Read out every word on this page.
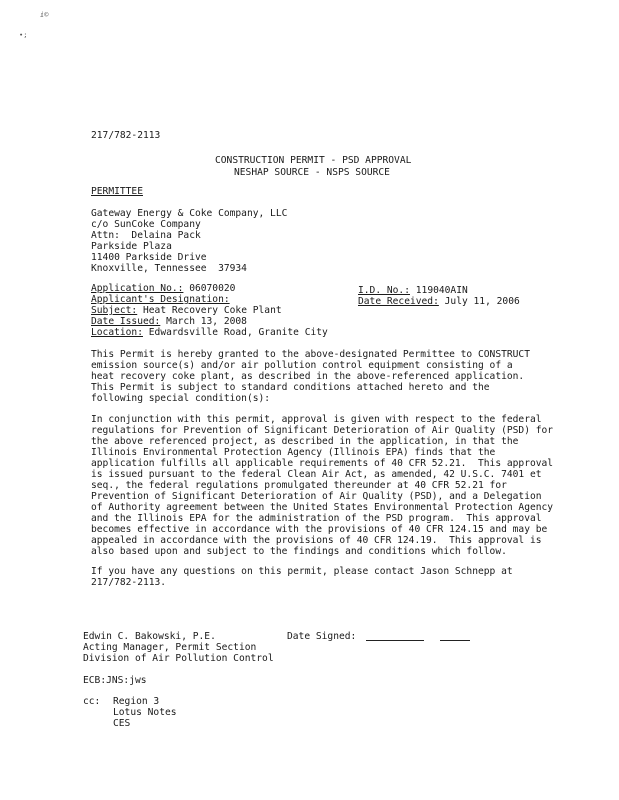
ⅈ©
∙;
217/782-2113
CONSTRUCTION PERMIT - PSD APPROVAL
NESHAP SOURCE - NSPS SOURCE
PERMITTEE
Gateway Energy & Coke Company, LLC
c/o SunCoke Company
Attn:  Delaina Pack
Parkside Plaza
11400 Parkside Drive
Knoxville, Tennessee  37934
Application No.: 06070020	I.D. No.: 119040AIN
Applicant's Designation:	Date Received: July 11, 2006
Subject: Heat Recovery Coke Plant
Date Issued: March 13, 2008
Location: Edwardsville Road, Granite City
This Permit is hereby granted to the above-designated Permittee to CONSTRUCT
emission source(s) and/or air pollution control equipment consisting of a
heat recovery coke plant, as described in the above-referenced application.
This Permit is subject to standard conditions attached hereto and the
following special condition(s):
In conjunction with this permit, approval is given with respect to the federal
regulations for Prevention of Significant Deterioration of Air Quality (PSD) for
the above referenced project, as described in the application, in that the
Illinois Environmental Protection Agency (Illinois EPA) finds that the
application fulfills all applicable requirements of 40 CFR 52.21.  This approval
is issued pursuant to the federal Clean Air Act, as amended, 42 U.S.C. 7401 et
seq., the federal regulations promulgated thereunder at 40 CFR 52.21 for
Prevention of Significant Deterioration of Air Quality (PSD), and a Delegation
of Authority agreement between the United States Environmental Protection Agency
and the Illinois EPA for the administration of the PSD program.  This approval
becomes effective in accordance with the provisions of 40 CFR 124.15 and may be
appealed in accordance with the provisions of 40 CFR 124.19.  This approval is
also based upon and subject to the findings and conditions which follow.
If you have any questions on this permit, please contact Jason Schnepp at
217/782-2113.
Edwin C. Bakowski, P.E.
Acting Manager, Permit Section
Division of Air Pollution Control
Date Signed:
ECB:JNS:jws
cc: Region 3
Lotus Notes
CES
